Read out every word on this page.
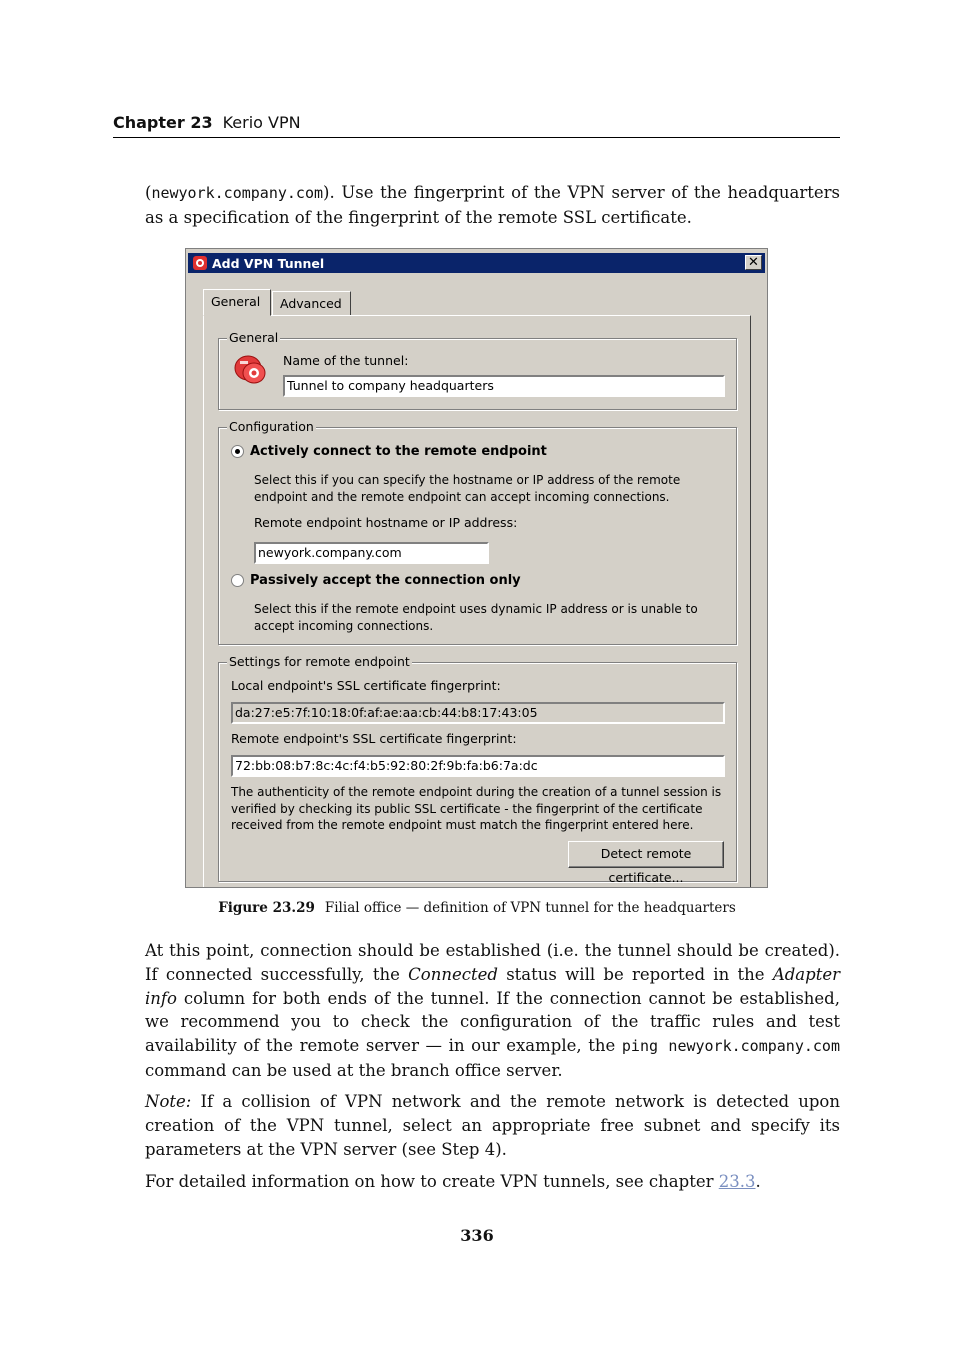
Chapter 23 Kerio VPN

(newyork.company.com). Use the fingerprint of the VPN server of the headquarters as a specification of the fingerprint of the remote SSL certificate.

Add VPN Tunnel	✕
General	Advanced
General
Name of the tunnel:
Tunnel to company headquarters
Configuration
Actively connect to the remote endpoint
Select this if you can specify the hostname or IP address of the remote endpoint and the remote endpoint can accept incoming connections.
Remote endpoint hostname or IP address:
newyork.company.com
Passively accept the connection only
Select this if the remote endpoint uses dynamic IP address or is unable to accept incoming connections.
Settings for remote endpoint
Local endpoint's SSL certificate fingerprint:
da:27:e5:7f:10:18:0f:af:ae:aa:cb:44:b8:17:43:05
Remote endpoint's SSL certificate fingerprint:
72:bb:08:b7:8c:4c:f4:b5:92:80:2f:9b:fa:b6:7a:dc
The authenticity of the remote endpoint during the creation of a tunnel session is verified by checking its public SSL certificate - the fingerprint of the certificate received from the remote endpoint must match the fingerprint entered here.
Detect remote certificate...
Figure 23.29 Filial office — definition of VPN tunnel for the headquarters

At this point, connection should be established (i.e. the tunnel should be created). If connected successfully, the Connected status will be reported in the Adapter info column for both ends of the tunnel. If the connection cannot be established, we recommend you to check the configuration of the traffic rules and test availability of the remote server — in our example, the ping newyork.company.com command can be used at the branch office server.

Note: If a collision of VPN network and the remote network is detected upon creation of the VPN tunnel, select an appropriate free subnet and specify its parameters at the VPN server (see Step 4).

For detailed information on how to create VPN tunnels, see chapter 23.3.

336
